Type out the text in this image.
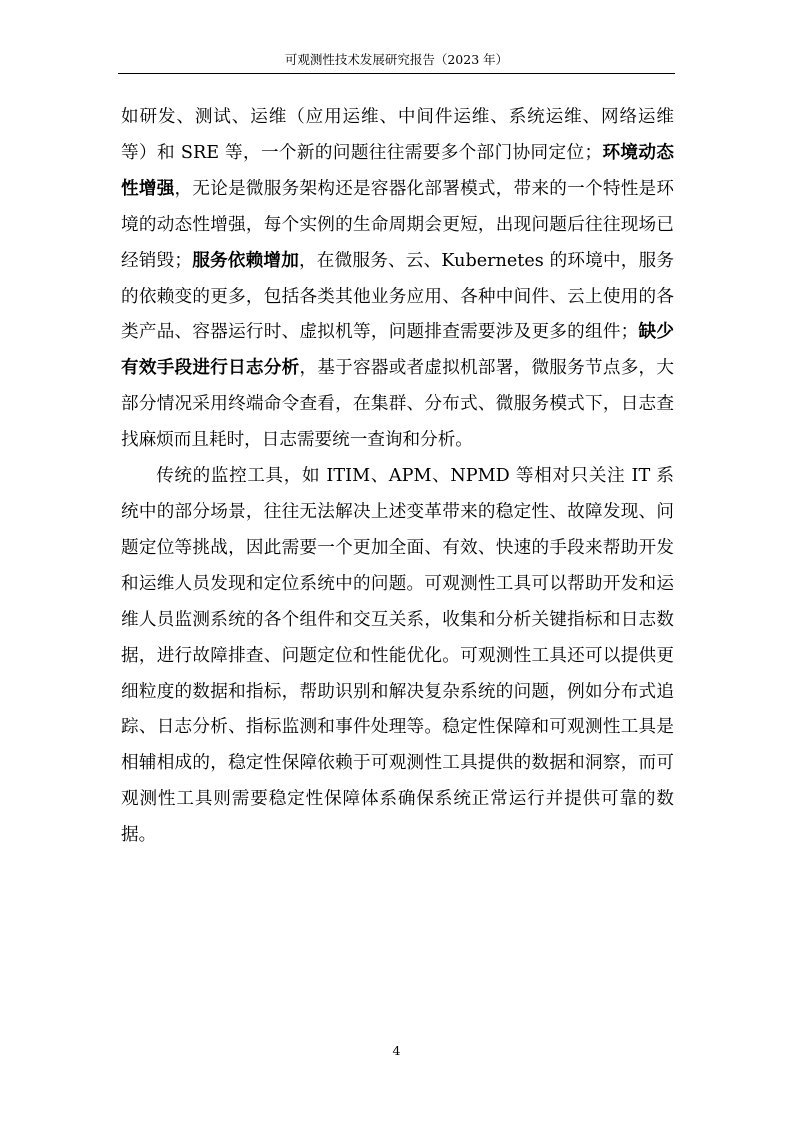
可观测性技术发展研究报告（2023 年）

如研发、测试、运维（应用运维、中间件运维、系统运维、网络运维等）和 SRE 等，一个新的问题往往需要多个部门协同定位；环境动态性增强，无论是微服务架构还是容器化部署模式，带来的一个特性是环境的动态性增强，每个实例的生命周期会更短，出现问题后往往现场已经销毁；服务依赖增加，在微服务、云、Kubernetes 的环境中，服务的依赖变的更多，包括各类其他业务应用、各种中间件、云上使用的各类产品、容器运行时、虚拟机等，问题排查需要涉及更多的组件；缺少有效手段进行日志分析，基于容器或者虚拟机部署，微服务节点多，大部分情况采用终端命令查看，在集群、分布式、微服务模式下，日志查找麻烦而且耗时，日志需要统一查询和分析。

传统的监控工具，如 ITIM、APM、NPMD 等相对只关注 IT 系统中的部分场景，往往无法解决上述变革带来的稳定性、故障发现、问题定位等挑战，因此需要一个更加全面、有效、快速的手段来帮助开发和运维人员发现和定位系统中的问题。可观测性工具可以帮助开发和运维人员监测系统的各个组件和交互关系，收集和分析关键指标和日志数据，进行故障排查、问题定位和性能优化。可观测性工具还可以提供更细粒度的数据和指标，帮助识别和解决复杂系统的问题，例如分布式追踪、日志分析、指标监测和事件处理等。稳定性保障和可观测性工具是相辅相成的，稳定性保障依赖于可观测性工具提供的数据和洞察，而可观测性工具则需要稳定性保障体系确保系统正常运行并提供可靠的数据。

4
